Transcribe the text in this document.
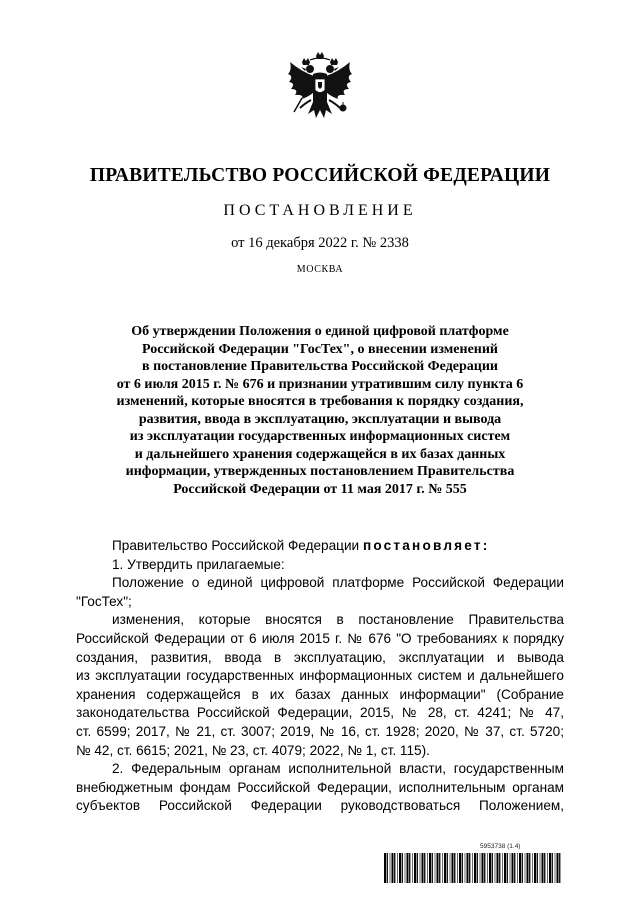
ПРАВИТЕЛЬСТВО РОССИЙСКОЙ ФЕДЕРАЦИИ
ПОСТАНОВЛЕНИЕ
от 16 декабря 2022 г. № 2338
МОСКВА
Об утверждении Положения о единой цифровой платформе
Российской Федерации "ГосТех", о внесении изменений
в постановление Правительства Российской Федерации
от 6 июля 2015 г. № 676 и признании утратившим силу пункта 6
изменений, которые вносятся в требования к порядку создания,
развития, ввода в эксплуатацию, эксплуатации и вывода
из эксплуатации государственных информационных систем
и дальнейшего хранения содержащейся в их базах данных
информации, утвержденных постановлением Правительства
Российской Федерации от 11 мая 2017 г. № 555
Правительство Российской Федерации постановляет:
1. Утвердить прилагаемые:
Положение о единой цифровой платформе Российской Федерации
"ГосТех";
изменения, которые вносятся в постановление Правительства
Российской Федерации от 6 июля 2015 г. № 676 "О требованиях к порядку
создания, развития, ввода в эксплуатацию, эксплуатации и вывода
из эксплуатации государственных информационных систем и дальнейшего
хранения содержащейся в их базах данных информации" (Собрание
законодательства Российской Федерации, 2015, № 28, ст. 4241; № 47,
ст. 6599; 2017, № 21, ст. 3007; 2019, № 16, ст. 1928; 2020, № 37, ст. 5720;
№ 42, ст. 6615; 2021, № 23, ст. 4079; 2022, № 1, ст. 115).
2. Федеральным органам исполнительной власти, государственным
внебюджетным фондам Российской Федерации, исполнительным органам
субъектов Российской Федерации руководствоваться Положением,
5953738 (1.4)
